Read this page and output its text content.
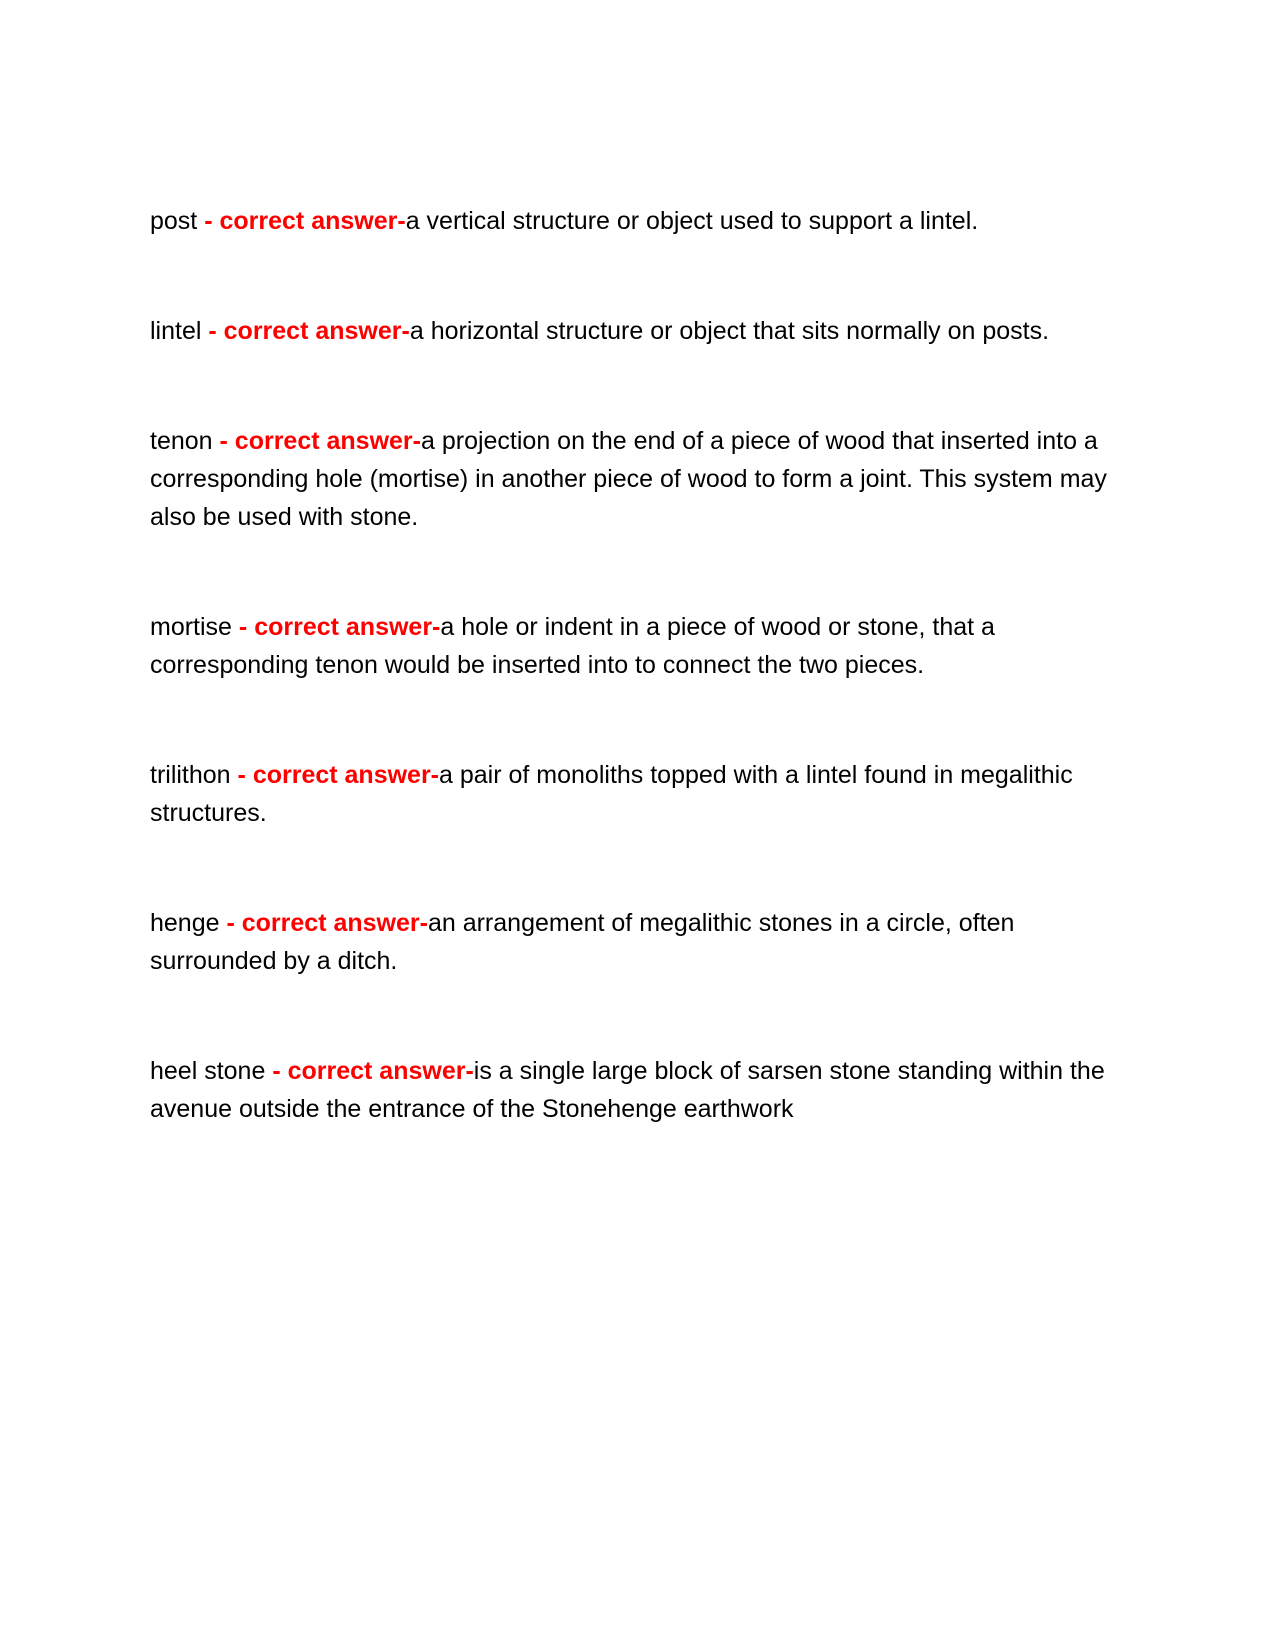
post - correct answer-a vertical structure or object used to support a lintel.

lintel - correct answer-a horizontal structure or object that sits normally on posts.

tenon - correct answer-a projection on the end of a piece of wood that inserted into a corresponding hole (mortise) in another piece of wood to form a joint. This system may also be used with stone.

mortise - correct answer-a hole or indent in a piece of wood or stone, that a corresponding tenon would be inserted into to connect the two pieces.

trilithon - correct answer-a pair of monoliths topped with a lintel found in megalithic structures.

henge - correct answer-an arrangement of megalithic stones in a circle, often surrounded by a ditch.

heel stone - correct answer-is a single large block of sarsen stone standing within the avenue outside the entrance of the Stonehenge earthwork
